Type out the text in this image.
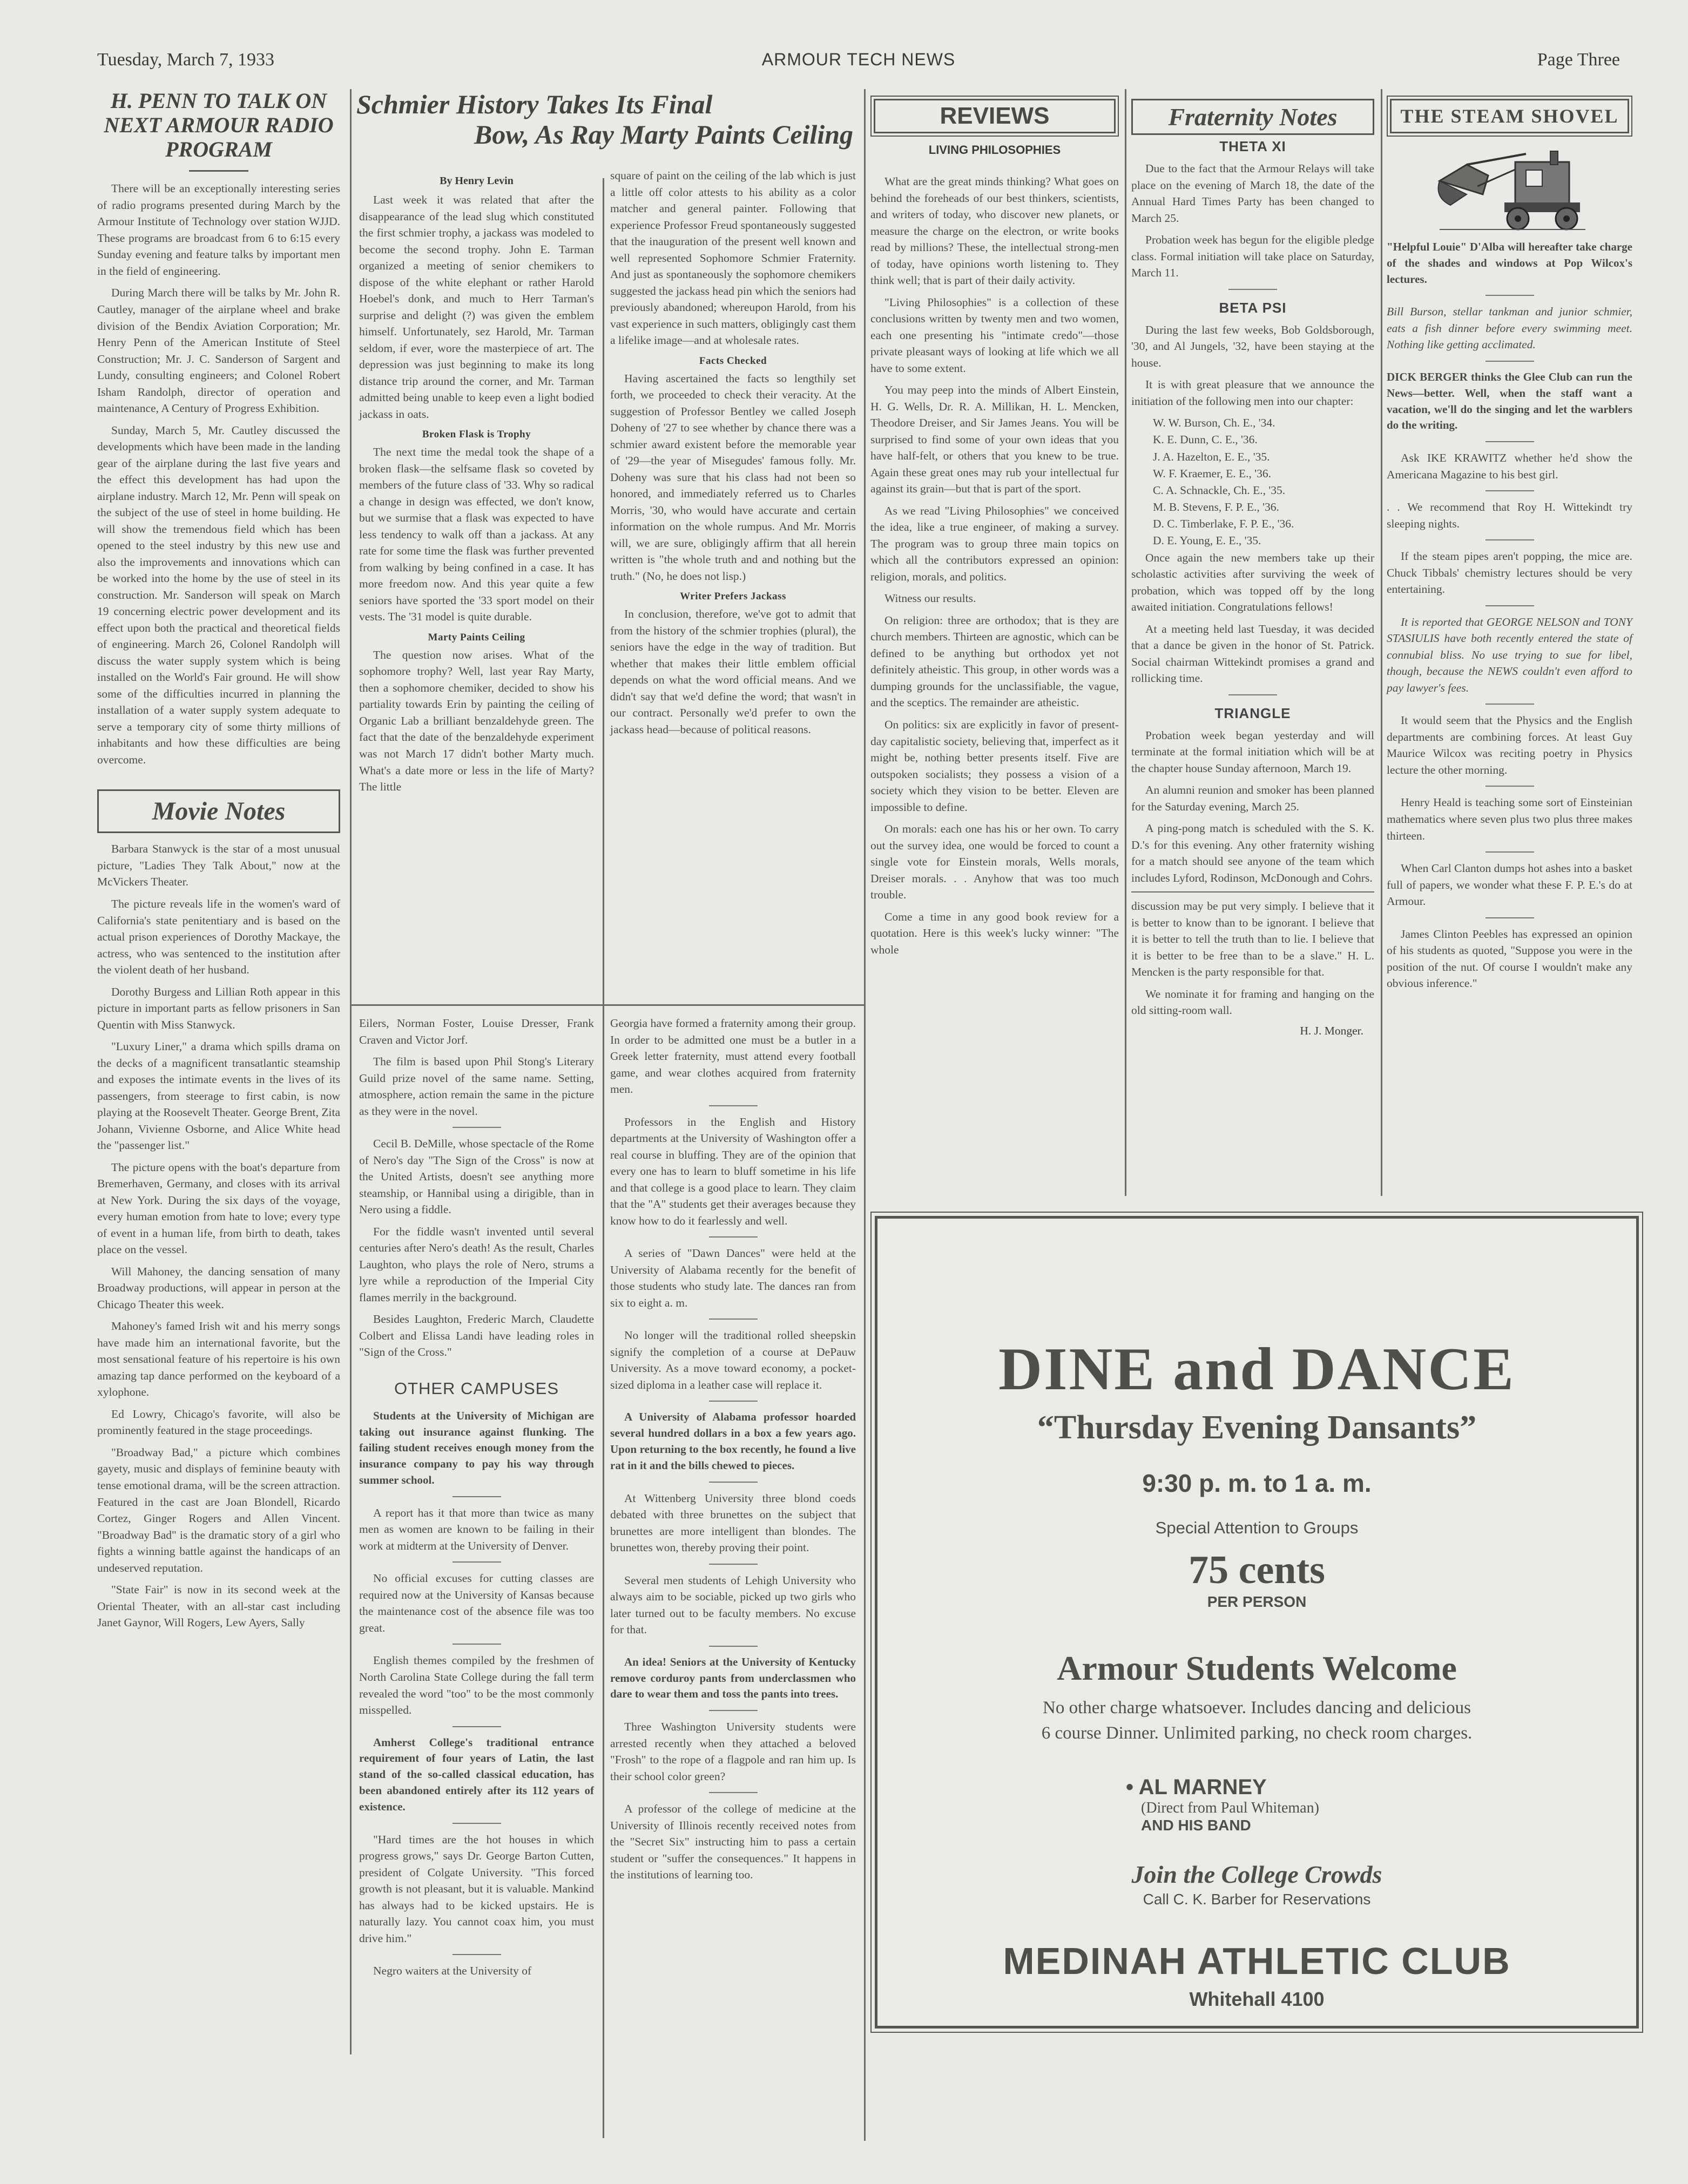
Tuesday, March 7, 1933	ARMOUR TECH NEWS	Page Three
H. PENN TO TALK ON NEXT ARMOUR RADIO PROGRAM

There will be an exceptionally interesting series of radio programs presented during March by the Armour Institute of Technology over station WJJD. These programs are broadcast from 6 to 6:15 every Sunday evening and feature talks by important men in the field of engineering.

During March there will be talks by Mr. John R. Cautley, manager of the airplane wheel and brake division of the Bendix Aviation Corporation; Mr. Henry Penn of the American Institute of Steel Construction; Mr. J. C. Sanderson of Sargent and Lundy, consulting engineers; and Colonel Robert Isham Randolph, director of operation and maintenance, A Century of Progress Exhibition.

Sunday, March 5, Mr. Cautley discussed the developments which have been made in the landing gear of the airplane during the last five years and the effect this development has had upon the airplane industry. March 12, Mr. Penn will speak on the subject of the use of steel in home building. He will show the tremendous field which has been opened to the steel industry by this new use and also the improvements and innovations which can be worked into the home by the use of steel in its construction. Mr. Sanderson will speak on March 19 concerning electric power development and its effect upon both the practical and theoretical fields of engineering. March 26, Colonel Randolph will discuss the water supply system which is being installed on the World's Fair ground. He will show some of the difficulties incurred in planning the installation of a water supply system adequate to serve a temporary city of some thirty millions of inhabitants and how these difficulties are being overcome.

Movie Notes

Barbara Stanwyck is the star of a most unusual picture, "Ladies They Talk About," now at the McVickers Theater.

The picture reveals life in the women's ward of California's state penitentiary and is based on the actual prison experiences of Dorothy Mackaye, the actress, who was sentenced to the institution after the violent death of her husband.

Dorothy Burgess and Lillian Roth appear in this picture in important parts as fellow prisoners in San Quentin with Miss Stanwyck.

"Luxury Liner," a drama which spills drama on the decks of a magnificent transatlantic steamship and exposes the intimate events in the lives of its passengers, from steerage to first cabin, is now playing at the Roosevelt Theater. George Brent, Zita Johann, Vivienne Osborne, and Alice White head the "passenger list."

The picture opens with the boat's departure from Bremerhaven, Germany, and closes with its arrival at New York. During the six days of the voyage, every human emotion from hate to love; every type of event in a human life, from birth to death, takes place on the vessel.

Will Mahoney, the dancing sensation of many Broadway productions, will appear in person at the Chicago Theater this week.

Mahoney's famed Irish wit and his merry songs have made him an international favorite, but the most sensational feature of his repertoire is his own amazing tap dance performed on the keyboard of a xylophone.

Ed Lowry, Chicago's favorite, will also be prominently featured in the stage proceedings.

"Broadway Bad," a picture which combines gayety, music and displays of feminine beauty with tense emotional drama, will be the screen attraction. Featured in the cast are Joan Blondell, Ricardo Cortez, Ginger Rogers and Allen Vincent. "Broadway Bad" is the dramatic story of a girl who fights a winning battle against the handicaps of an undeserved reputation.

"State Fair" is now in its second week at the Oriental Theater, with an all-star cast including Janet Gaynor, Will Rogers, Lew Ayers, Sally

Schmier History Takes Its Final
Bow, As Ray Marty Paints Ceiling
By Henry Levin

Last week it was related that after the disappearance of the lead slug which constituted the first schmier trophy, a jackass was modeled to become the second trophy. John E. Tarman organized a meeting of senior chemikers to dispose of the white elephant or rather Harold Hoebel's donk, and much to Herr Tarman's surprise and delight (?) was given the emblem himself. Unfortunately, sez Harold, Mr. Tarman seldom, if ever, wore the masterpiece of art. The depression was just beginning to make its long distance trip around the corner, and Mr. Tarman admitted being unable to keep even a light bodied jackass in oats.

Broken Flask is Trophy

The next time the medal took the shape of a broken flask—the selfsame flask so coveted by members of the future class of '33. Why so radical a change in design was effected, we don't know, but we surmise that a flask was expected to have less tendency to walk off than a jackass. At any rate for some time the flask was further prevented from walking by being confined in a case. It has more freedom now. And this year quite a few seniors have sported the '33 sport model on their vests. The '31 model is quite durable.

Marty Paints Ceiling

The question now arises. What of the sophomore trophy? Well, last year Ray Marty, then a sophomore chemiker, decided to show his partiality towards Erin by painting the ceiling of Organic Lab a brilliant benzaldehyde green. The fact that the date of the benzaldehyde experiment was not March 17 didn't bother Marty much. What's a date more or less in the life of Marty? The little

square of paint on the ceiling of the lab which is just a little off color attests to his ability as a color matcher and general painter. Following that experience Professor Freud spontaneously suggested that the inauguration of the present well known and well represented Sophomore Schmier Fraternity. And just as spontaneously the sophomore chemikers suggested the jackass head pin which the seniors had previously abandoned; whereupon Harold, from his vast experience in such matters, obligingly cast them a lifelike image—and at wholesale rates.

Facts Checked

Having ascertained the facts so lengthily set forth, we proceeded to check their veracity. At the suggestion of Professor Bentley we called Joseph Doheny of '27 to see whether by chance there was a schmier award existent before the memorable year of '29—the year of Misegudes' famous folly. Mr. Doheny was sure that his class had not been so honored, and immediately referred us to Charles Morris, '30, who would have accurate and certain information on the whole rumpus. And Mr. Morris will, we are sure, obligingly affirm that all herein written is "the whole truth and and nothing but the truth." (No, he does not lisp.)

Writer Prefers Jackass

In conclusion, therefore, we've got to admit that from the history of the schmier trophies (plural), the seniors have the edge in the way of tradition. But whether that makes their little emblem official depends on what the word official means. And we didn't say that we'd define the word; that wasn't in our contract. Personally we'd prefer to own the jackass head—because of political reasons.

Eilers, Norman Foster, Louise Dresser, Frank Craven and Victor Jorf.

The film is based upon Phil Stong's Literary Guild prize novel of the same name. Setting, atmosphere, action remain the same in the picture as they were in the novel.

Cecil B. DeMille, whose spectacle of the Rome of Nero's day "The Sign of the Cross" is now at the United Artists, doesn't see anything more steamship, or Hannibal using a dirigible, than in Nero using a fiddle.

For the fiddle wasn't invented until several centuries after Nero's death! As the result, Charles Laughton, who plays the role of Nero, strums a lyre while a reproduction of the Imperial City flames merrily in the background.

Besides Laughton, Frederic March, Claudette Colbert and Elissa Landi have leading roles in "Sign of the Cross."

OTHER CAMPUSES

Students at the University of Michigan are taking out insurance against flunking. The failing student receives enough money from the insurance company to pay his way through summer school.

A report has it that more than twice as many men as women are known to be failing in their work at midterm at the University of Denver.

No official excuses for cutting classes are required now at the University of Kansas because the maintenance cost of the absence file was too great.

English themes compiled by the freshmen of North Carolina State College during the fall term revealed the word "too" to be the most commonly misspelled.

Amherst College's traditional entrance requirement of four years of Latin, the last stand of the so-called classical education, has been abandoned entirely after its 112 years of existence.

"Hard times are the hot houses in which progress grows," says Dr. George Barton Cutten, president of Colgate University. "This forced growth is not pleasant, but it is valuable. Mankind has always had to be kicked upstairs. He is naturally lazy. You cannot coax him, you must drive him."

Negro waiters at the University of

Georgia have formed a fraternity among their group. In order to be admitted one must be a butler in a Greek letter fraternity, must attend every football game, and wear clothes acquired from fraternity men.

Professors in the English and History departments at the University of Washington offer a real course in bluffing. They are of the opinion that every one has to learn to bluff sometime in his life and that college is a good place to learn. They claim that the "A" students get their averages because they know how to do it fearlessly and well.

A series of "Dawn Dances" were held at the University of Alabama recently for the benefit of those students who study late. The dances ran from six to eight a. m.

No longer will the traditional rolled sheepskin signify the completion of a course at DePauw University. As a move toward economy, a pocket-sized diploma in a leather case will replace it.

A University of Alabama professor hoarded several hundred dollars in a box a few years ago. Upon returning to the box recently, he found a live rat in it and the bills chewed to pieces.

At Wittenberg University three blond coeds debated with three brunettes on the subject that brunettes are more intelligent than blondes. The brunettes won, thereby proving their point.

Several men students of Lehigh University who always aim to be sociable, picked up two girls who later turned out to be faculty members. No excuse for that.

An idea! Seniors at the University of Kentucky remove corduroy pants from underclassmen who dare to wear them and toss the pants into trees.

Three Washington University students were arrested recently when they attached a beloved "Frosh" to the rope of a flagpole and ran him up. Is their school color green?

A professor of the college of medicine at the University of Illinois recently received notes from the "Secret Six" instructing him to pass a certain student or "suffer the consequences." It happens in the institutions of learning too.

REVIEWS
LIVING PHILOSOPHIES

What are the great minds thinking? What goes on behind the foreheads of our best thinkers, scientists, and writers of today, who discover new planets, or measure the charge on the electron, or write books read by millions? These, the intellectual strong-men of today, have opinions worth listening to. They think well; that is part of their daily activity.

"Living Philosophies" is a collection of these conclusions written by twenty men and two women, each one presenting his "intimate credo"—those private pleasant ways of looking at life which we all have to some extent.

You may peep into the minds of Albert Einstein, H. G. Wells, Dr. R. A. Millikan, H. L. Mencken, Theodore Dreiser, and Sir James Jeans. You will be surprised to find some of your own ideas that you have half-felt, or others that you knew to be true. Again these great ones may rub your intellectual fur against its grain—but that is part of the sport.

As we read "Living Philosophies" we conceived the idea, like a true engineer, of making a survey. The program was to group three main topics on which all the contributors expressed an opinion: religion, morals, and politics.

Witness our results.

On religion: three are orthodox; that is they are church members. Thirteen are agnostic, which can be defined to be anything but orthodox yet not definitely atheistic. This group, in other words was a dumping grounds for the unclassifiable, the vague, and the sceptics. The remainder are atheistic.

On politics: six are explicitly in favor of present-day capitalistic society, believing that, imperfect as it might be, nothing better presents itself. Five are outspoken socialists; they possess a vision of a society which they vision to be better. Eleven are impossible to define.

On morals: each one has his or her own. To carry out the survey idea, one would be forced to count a single vote for Einstein morals, Wells morals, Dreiser morals. . . Anyhow that was too much trouble.

Come a time in any good book review for a quotation. Here is this week's lucky winner: "The whole

Fraternity Notes
THETA XI

Due to the fact that the Armour Relays will take place on the evening of March 18, the date of the Annual Hard Times Party has been changed to March 25.

Probation week has begun for the eligible pledge class. Formal initiation will take place on Saturday, March 11.

BETA PSI

During the last few weeks, Bob Goldsborough, '30, and Al Jungels, '32, have been staying at the house.

It is with great pleasure that we announce the initiation of the following men into our chapter:

W. W. Burson, Ch. E., '34.
K. E. Dunn, C. E., '36.
J. A. Hazelton, E. E., '35.
W. F. Kraemer, E. E., '36.
C. A. Schnackle, Ch. E., '35.
M. B. Stevens, F. P. E., '36.
D. C. Timberlake, F. P. E., '36.
D. E. Young, E. E., '35.

Once again the new members take up their scholastic activities after surviving the week of probation, which was topped off by the long awaited initiation. Congratulations fellows!

At a meeting held last Tuesday, it was decided that a dance be given in the honor of St. Patrick. Social chairman Wittekindt promises a grand and rollicking time.

TRIANGLE

Probation week began yesterday and will terminate at the formal initiation which will be at the chapter house Sunday afternoon, March 19.

An alumni reunion and smoker has been planned for the Saturday evening, March 25.

A ping-pong match is scheduled with the S. K. D.'s for this evening. Any other fraternity wishing for a match should see anyone of the team which includes Lyford, Rodinson, McDonough and Cohrs.

discussion may be put very simply. I believe that it is better to know than to be ignorant. I believe that it is better to tell the truth than to lie. I believe that it is better to be free than to be a slave." H. L. Mencken is the party responsible for that.

We nominate it for framing and hanging on the old sitting-room wall.

H. J. Monger.
THE STEAM SHOVEL

"Helpful Louie" D'Alba will hereafter take charge of the shades and windows at Pop Wilcox's lectures.

Bill Burson, stellar tankman and junior schmier, eats a fish dinner before every swimming meet. Nothing like getting acclimated.

DICK BERGER thinks the Glee Club can run the News—better. Well, when the staff want a vacation, we'll do the singing and let the warblers do the writing.

Ask IKE KRAWITZ whether he'd show the Americana Magazine to his best girl.

. . We recommend that Roy H. Wittekindt try sleeping nights.

If the steam pipes aren't popping, the mice are. Chuck Tibbals' chemistry lectures should be very entertaining.

It is reported that GEORGE NELSON and TONY STASIULIS have both recently entered the state of connubial bliss. No use trying to sue for libel, though, because the NEWS couldn't even afford to pay lawyer's fees.

It would seem that the Physics and the English departments are combining forces. At least Guy Maurice Wilcox was reciting poetry in Physics lecture the other morning.

Henry Heald is teaching some sort of Einsteinian mathematics where seven plus two plus three makes thirteen.

When Carl Clanton dumps hot ashes into a basket full of papers, we wonder what these F. P. E.'s do at Armour.

James Clinton Peebles has expressed an opinion of his students as quoted, "Suppose you were in the position of the nut. Of course I wouldn't make any obvious inference."

DINE and DANCE
“Thursday Evening Dansants”
9:30 p. m. to 1 a. m.
Special Attention to Groups
75 cents
PER PERSON
Armour Students Welcome
No other charge whatsoever. Includes dancing and delicious
6 course Dinner. Unlimited parking, no check room charges.
• AL MARNEY
(Direct from Paul Whiteman)
AND HIS BAND
Join the College Crowds
Call C. K. Barber for Reservations
MEDINAH ATHLETIC CLUB
Whitehall 4100
